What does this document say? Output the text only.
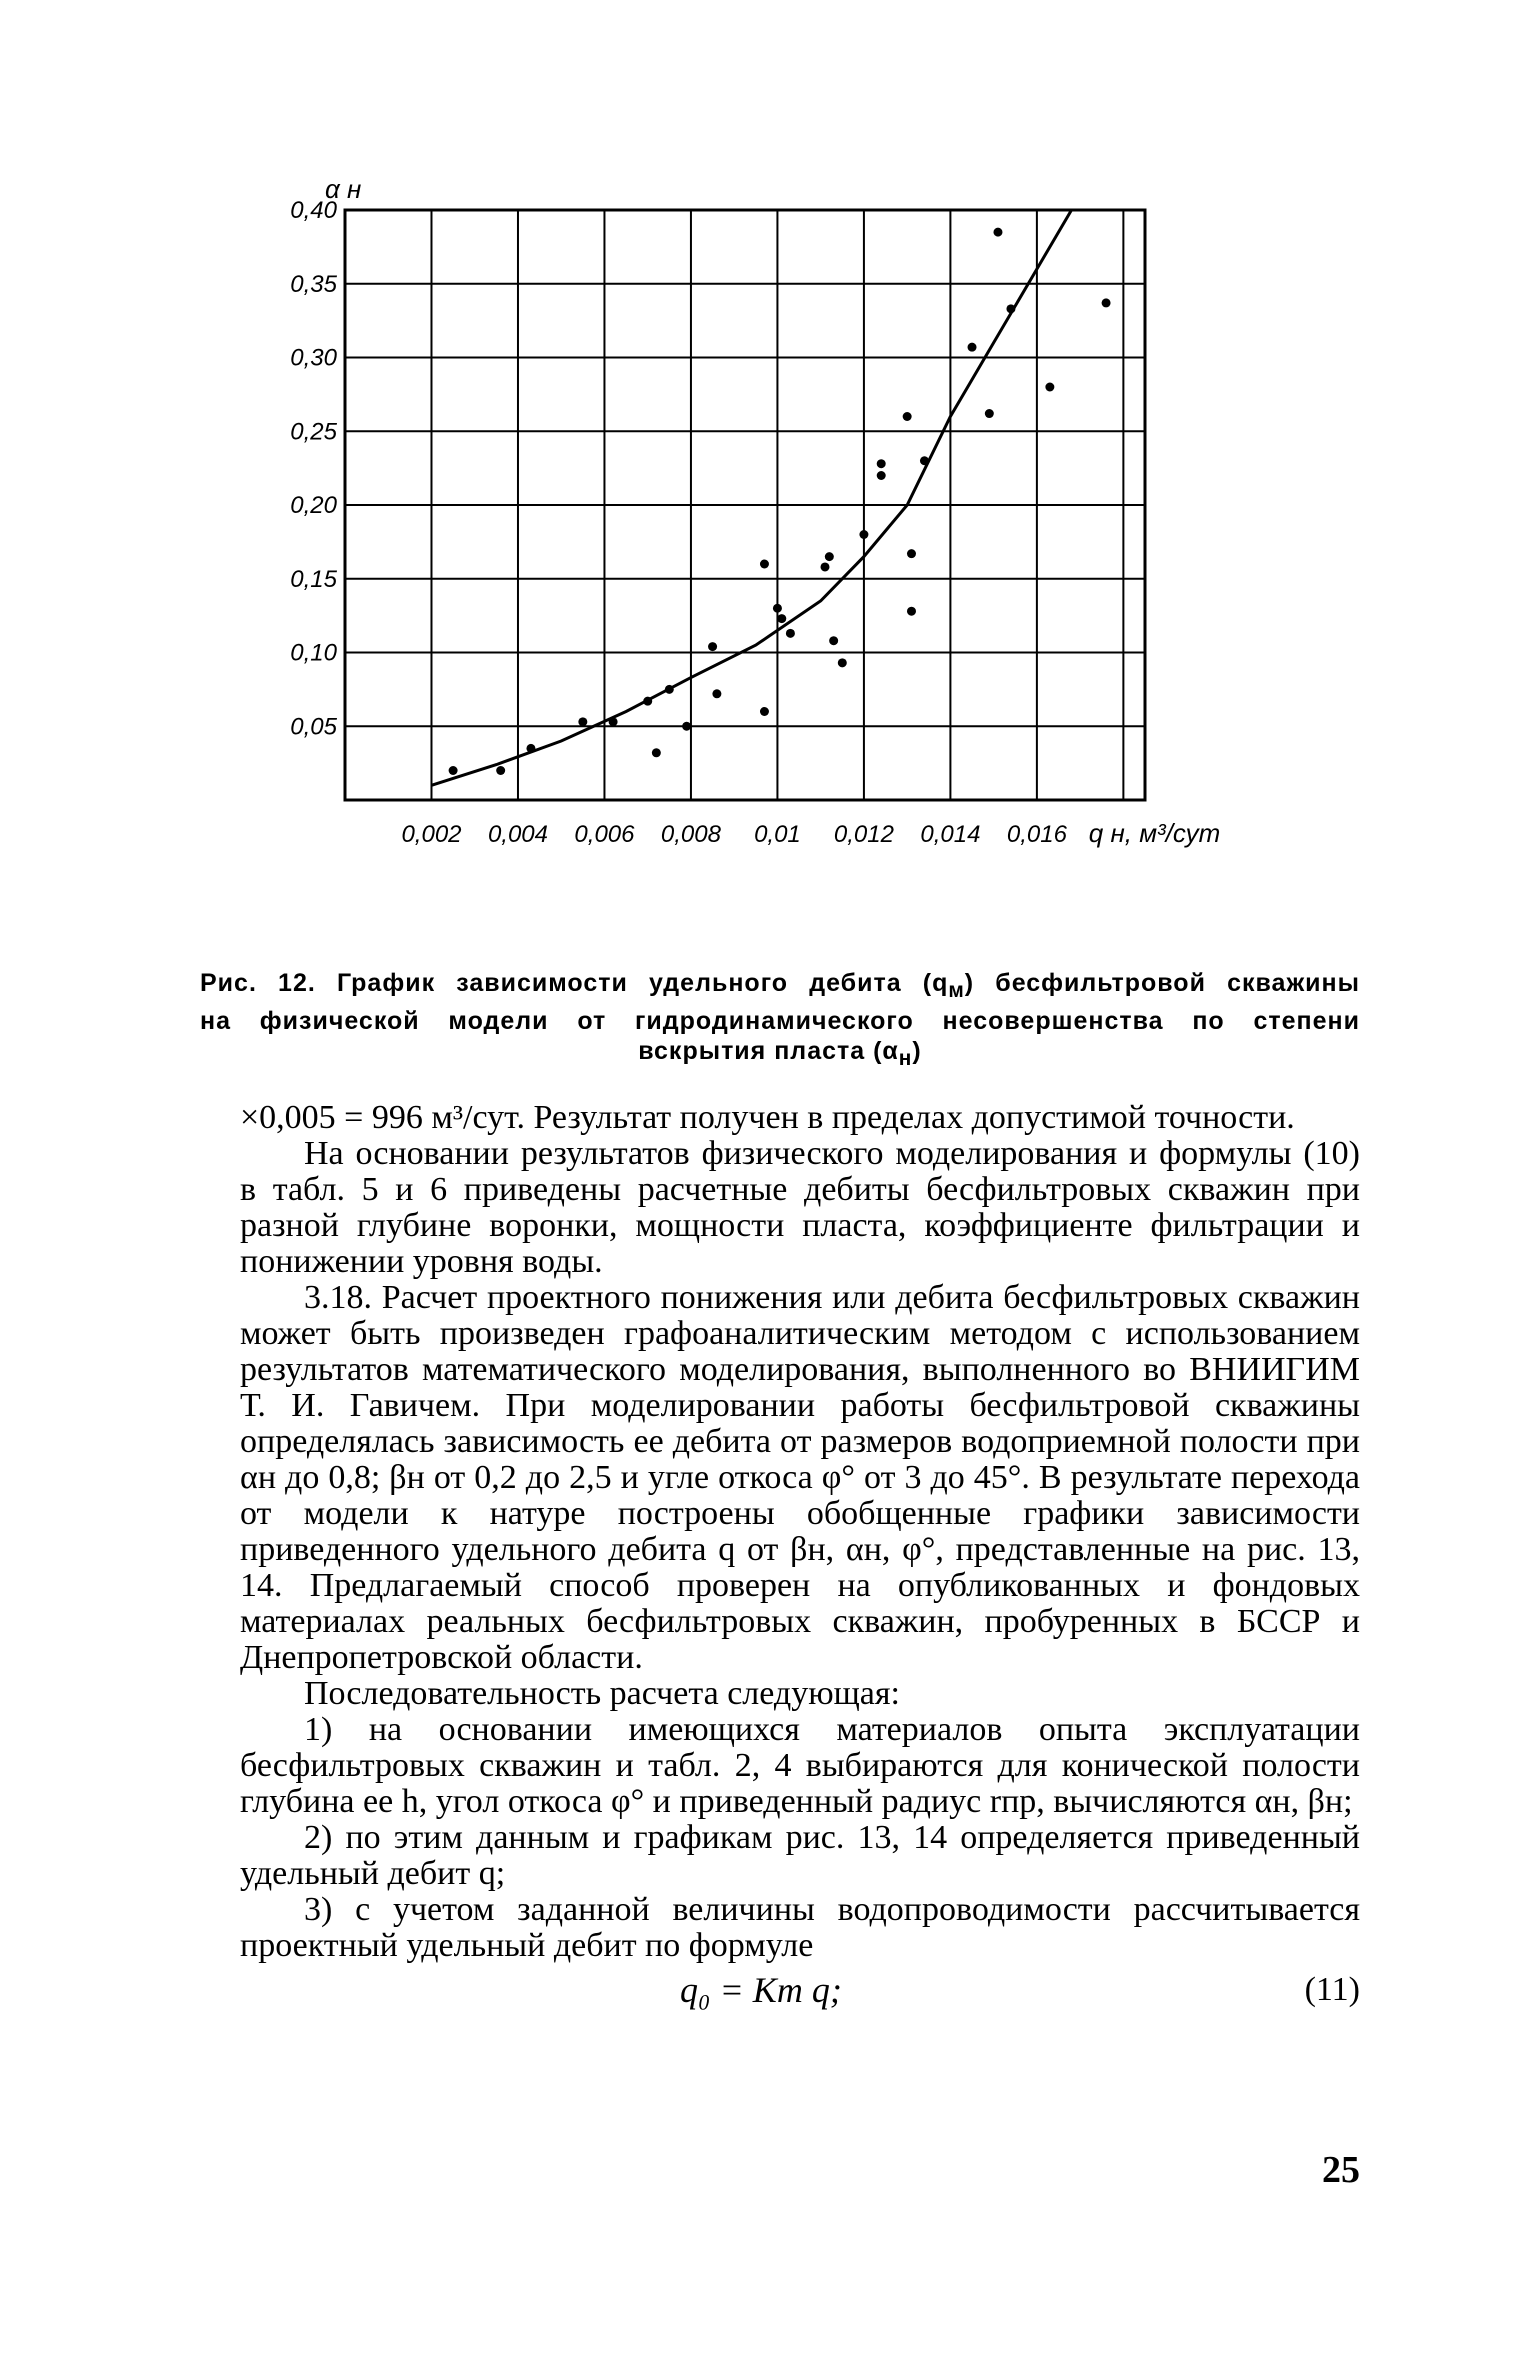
0,05
0,10
0,15
0,20
0,25
0,30
0,35
0,40
0,002 0,004 0,006 0,008 0,01 0,012 0,014 0,016
α н
q н, м³/сут
Рис. 12. График зависимости удельного дебита $(q_м)$ бесфильтровой скважины
на физической модели от гидродинамического несовершенства по степени
вскрытия пласта $(\alpha_н)$

×0,005 = 996 м³/сут. Результат получен в пределах допустимой точности.

На основании результатов физического моделирования и формулы (10) в табл. 5 и 6 приведены расчетные дебиты бесфильтровых скважин при разной глубине воронки, мощности пласта, коэффициенте фильтрации и понижении уровня воды.

3.18. Расчет проектного понижения или дебита бесфильтровых скважин может быть произведен графоаналитическим методом с использованием результатов математического моделирования, выполненного во ВНИИГИМ Т. И. Гавичем. При моделировании работы бесфильтровой скважины определялась зависимость ее дебита от размеров водоприемной полости при αн до 0,8; βн от 0,2 до 2,5 и угле откоса φ° от 3 до 45°. В результате перехода от модели к натуре построены обобщенные графики зависимости приведенного удельного дебита q от βн, αн, φ°, представленные на рис. 13, 14. Предлагаемый способ проверен на опубликованных и фондовых материалах реальных бесфильтровых скважин, пробуренных в БССР и Днепропетровской области.

Последовательность расчета следующая:

1) на основании имеющихся материалов опыта эксплуатации бесфильтровых скважин и табл. 2, 4 выбираются для конической полости глубина ее h, угол откоса φ° и приведенный радиус rпр, вычисляются αн, βн;

2) по этим данным и графикам рис. 13, 14 определяется приведенный удельный дебит q;

3) с учетом заданной величины водопроводимости рассчитывается проектный удельный дебит по формуле

q₀ = Km q;	(11)
25
